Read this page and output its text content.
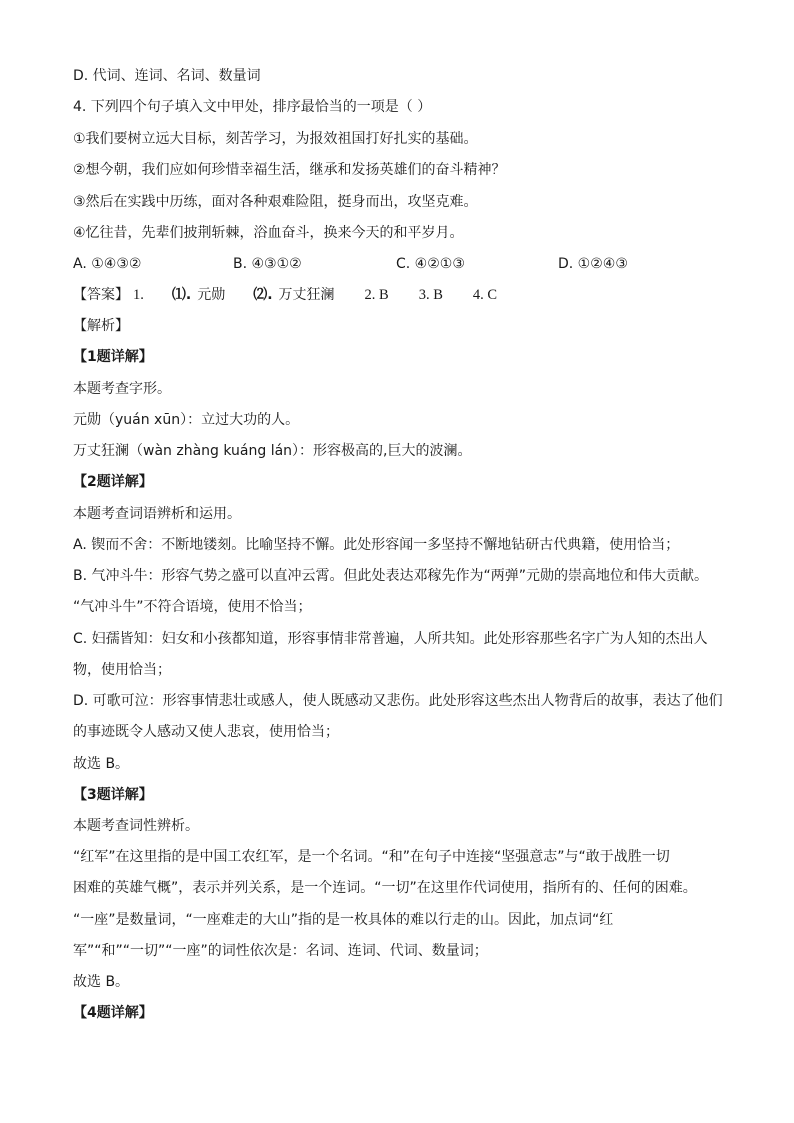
D. 代词、连词、名词、数量词
4. 下列四个句子填入文中甲处，排序最恰当的一项是（ ）
①我们要树立远大目标，刻苦学习，为报效祖国打好扎实的基础。
②想今朝，我们应如何珍惜幸福生活，继承和发扬英雄们的奋斗精神？
③然后在实践中历练，面对各种艰难险阻，挺身而出，攻坚克难。
④忆往昔，先辈们披荆斩棘，浴血奋斗，换来今天的和平岁月。
A. ①④③②	B. ④③①②	C. ④②①③	D. ①②④③
【答案】 1. ⑴. 元勋 ⑵. 万丈狂澜 2. B 3. B 4. C
【解析】
【1题详解】
本题考查字形。
元勋（yuán xūn）：立过大功的人。
万丈狂澜（wàn zhàng kuáng lán）：形容极高的,巨大的波澜。
【2题详解】
本题考查词语辨析和运用。
A. 锲而不舍：不断地镂刻。比喻坚持不懈。此处形容闻一多坚持不懈地钻研古代典籍，使用恰当；
B. 气冲斗牛：形容气势之盛可以直冲云霄。但此处表达邓稼先作为“两弹”元勋的崇高地位和伟大贡献。
“气冲斗牛”不符合语境，使用不恰当；
C. 妇孺皆知：妇女和小孩都知道，形容事情非常普遍，人所共知。此处形容那些名字广为人知的杰出人
物，使用恰当；
D. 可歌可泣：形容事情悲壮或感人，使人既感动又悲伤。此处形容这些杰出人物背后的故事，表达了他们
的事迹既令人感动又使人悲哀，使用恰当；
故选 B。
【3题详解】
本题考查词性辨析。
“红军”在这里指的是中国工农红军，是一个名词。“和”在句子中连接“坚强意志”与“敢于战胜一切
困难的英雄气概”，表示并列关系，是一个连词。“一切”在这里作代词使用，指所有的、任何的困难。
“一座”是数量词，“一座难走的大山”指的是一枚具体的难以行走的山。因此，加点词“红
军”“和”“一切”“一座”的词性依次是：名词、连词、代词、数量词；
故选 B。
【4题详解】
